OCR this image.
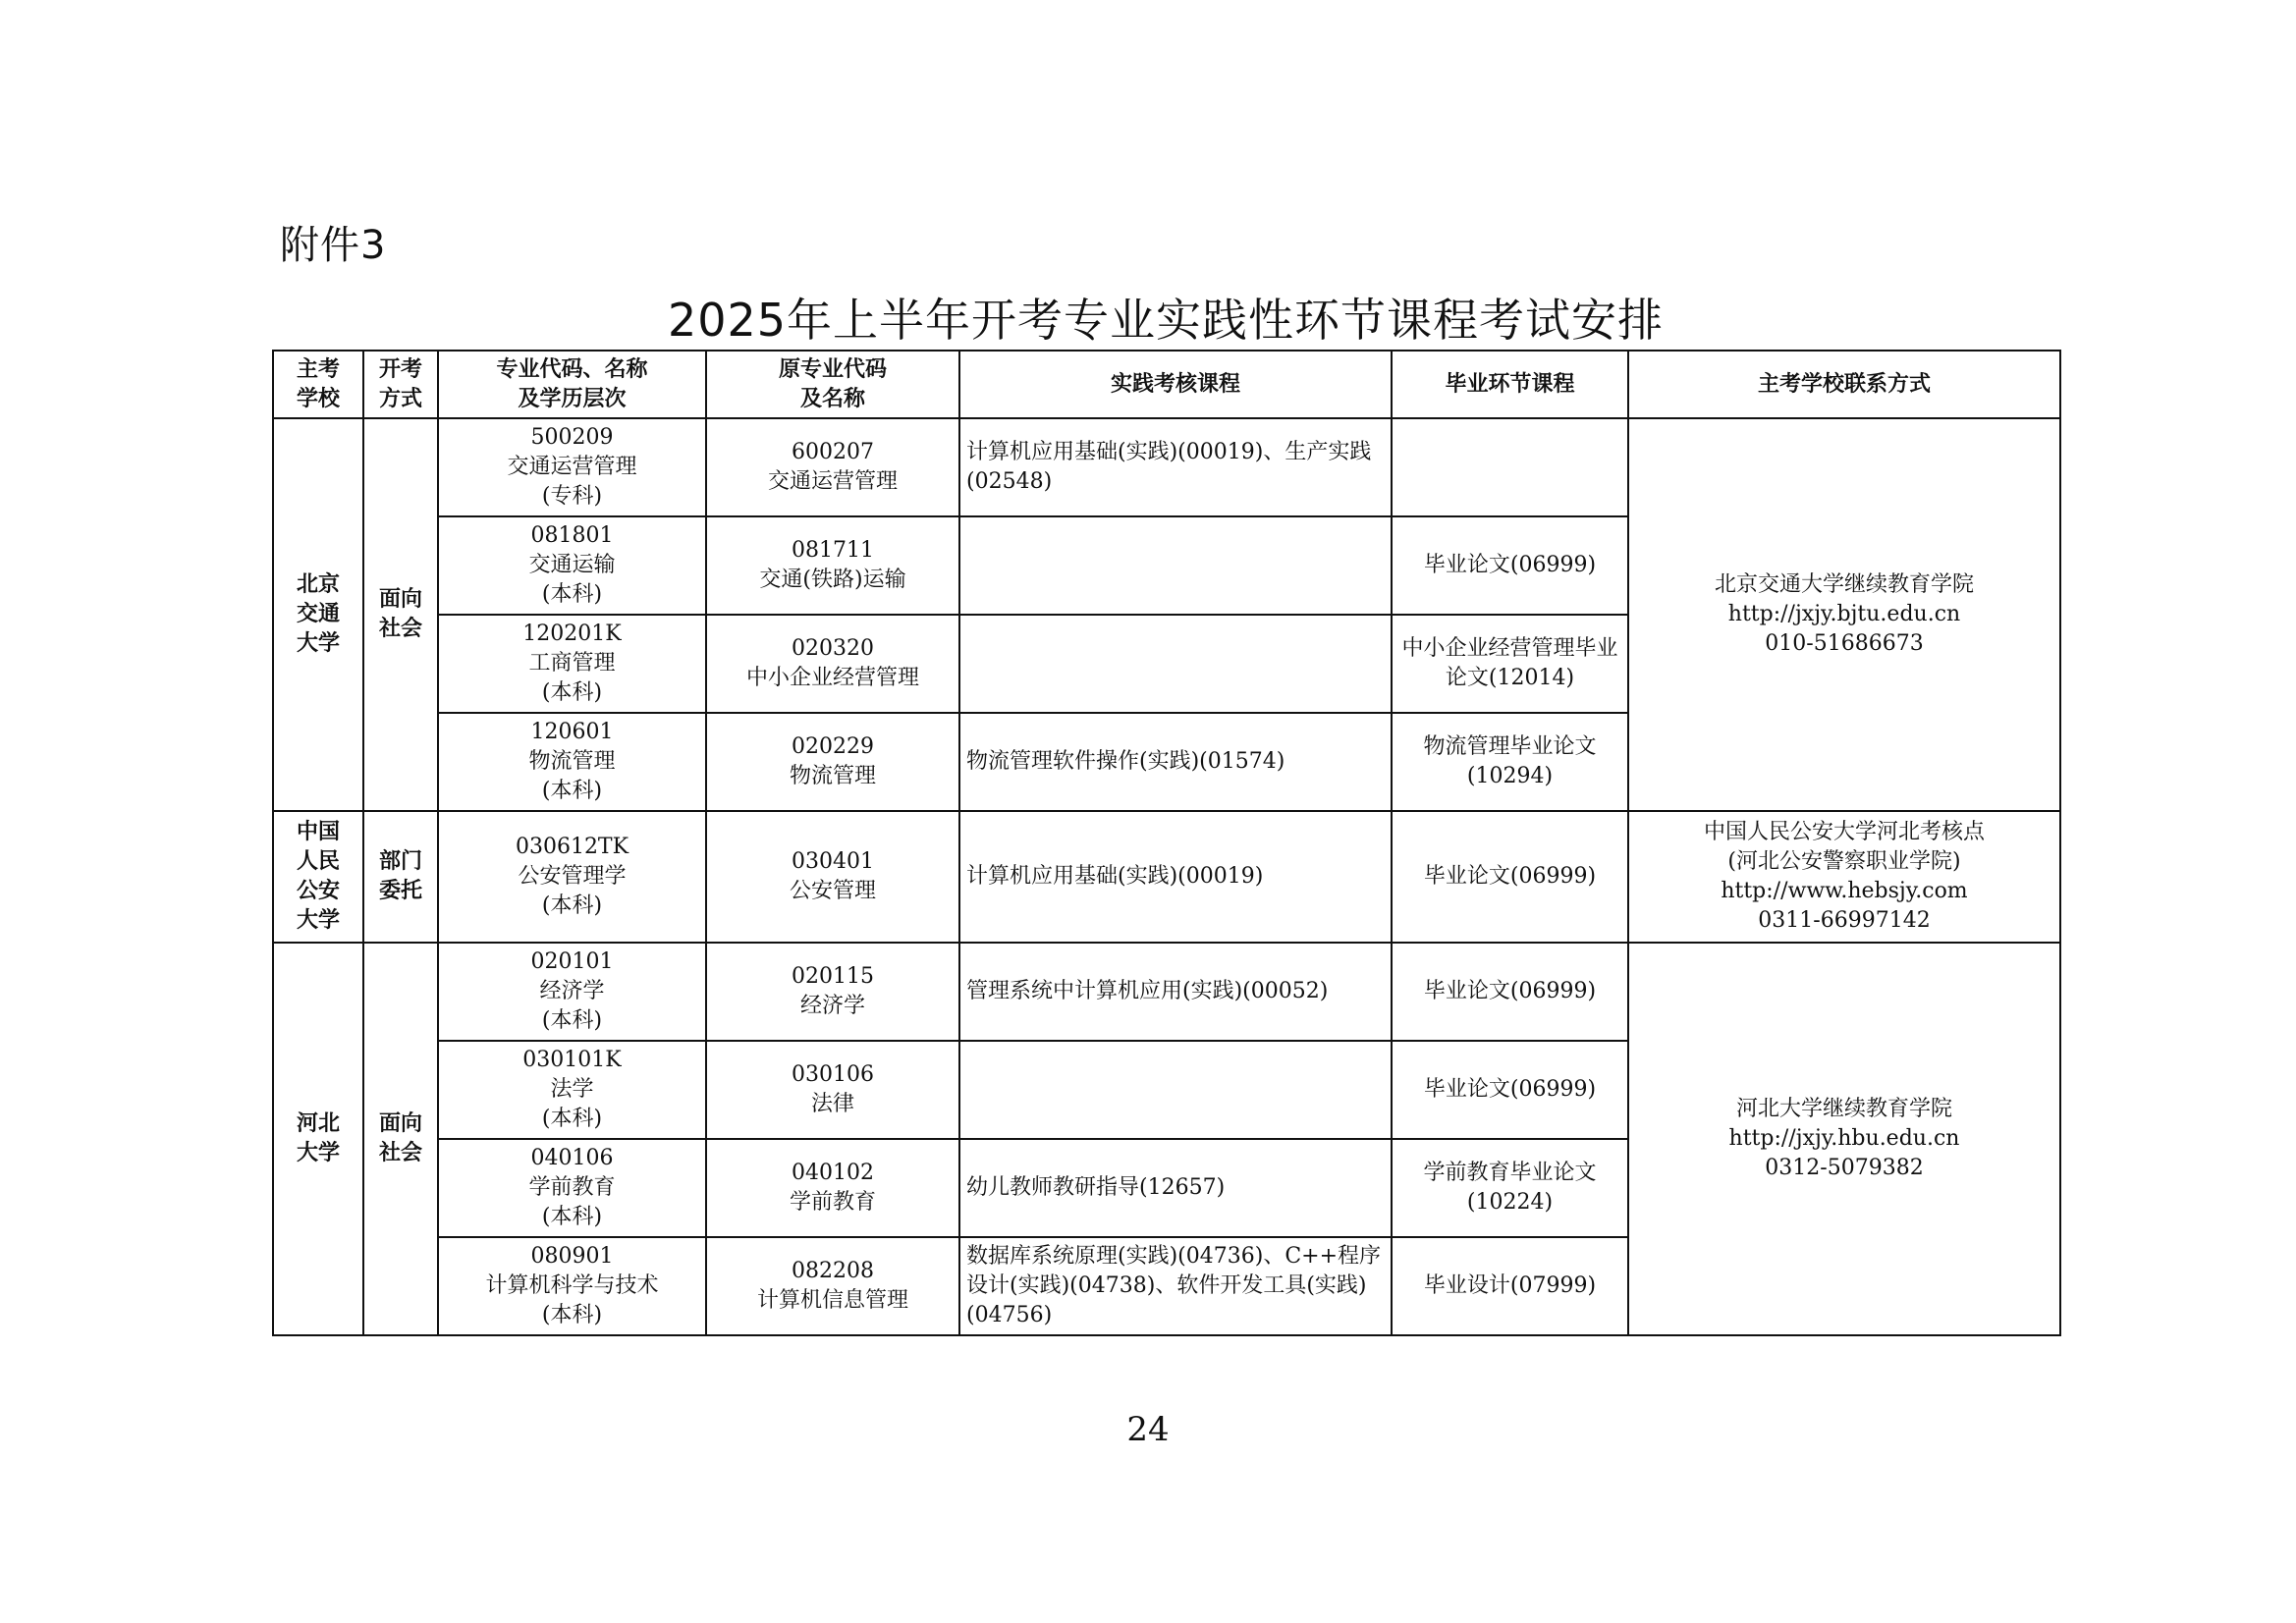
附件3
2025年上半年开考专业实践性环节课程考试安排
主考
学校	开考
方式	专业代码、名称
及学历层次	原专业代码
及名称	实践考核课程	毕业环节课程	主考学校联系方式

北京
交通
大学	面向
社会	500209
交通运营管理
(专科)	600207
交通运营管理	计算机应用基础(实践)(00019)、生产实践(02548)		北京交通大学继续教育学院
http://jxjy.bjtu.edu.cn
010-51686673

		081801
交通运输
(本科)	081711
交通(铁路)运输		毕业论文(06999)	

		120201K
工商管理
(本科)	020320
中小企业经营管理		中小企业经营管理毕业论文(12014)	

		120601
物流管理
(本科)	020229
物流管理	物流管理软件操作(实践)(01574)	物流管理毕业论文(10294)	

中国
人民
公安
大学	部门
委托	030612TK
公安管理学
(本科)	030401
公安管理	计算机应用基础(实践)(00019)	毕业论文(06999)	中国人民公安大学河北考核点
(河北公安警察职业学院)
http://www.hebsjy.com
0311-66997142

河北
大学	面向
社会	020101
经济学
(本科)	020115
经济学	管理系统中计算机应用(实践)(00052)	毕业论文(06999)	河北大学继续教育学院
http://jxjy.hbu.edu.cn
0312-5079382

		030101K
法学
(本科)	030106
法律		毕业论文(06999)	

		040106
学前教育
(本科)	040102
学前教育	幼儿教师教研指导(12657)	学前教育毕业论文(10224)	

		080901
计算机科学与技术
(本科)	082208
计算机信息管理	数据库系统原理(实践)(04736)、C++程序设计(实践)(04738)、软件开发工具(实践)(04756)	毕业设计(07999)	
24
